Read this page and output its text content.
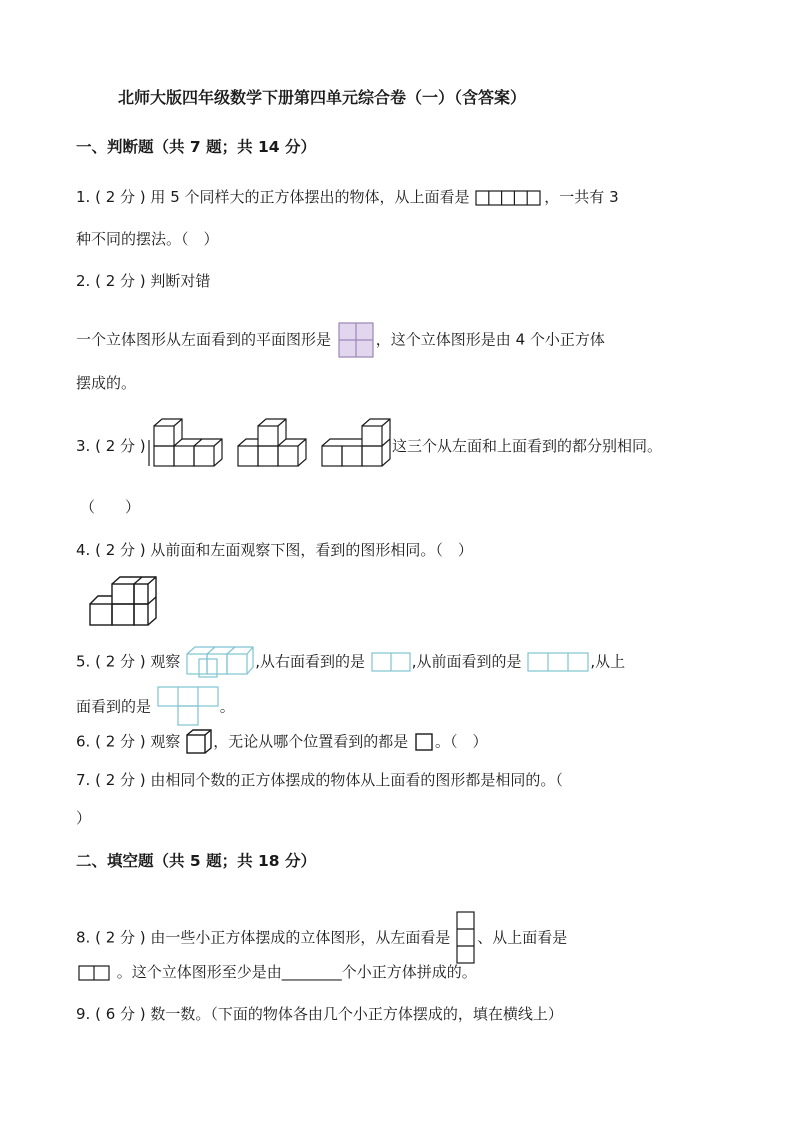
北师大版四年级数学下册第四单元综合卷（一）（含答案）
一、判断题（共 7 题；共 14 分）
1. ( 2 分 ) 用 5 个同样大的正方体摆出的物体，从上面看是	，一共有 3
种不同的摆法。（　）
2. ( 2 分 ) 判断对错
一个立体图形从左面看到的平面图形是	，这个立体图形是由 4 个小正方体
摆成的。
3. ( 2 分 )	这三个从左面和上面看到的都分别相同。
（　　）
4. ( 2 分 ) 从前面和左面观察下图，看到的图形相同。（　）
5. ( 2 分 ) 观察	,从右面看到的是	,从前面看到的是	,从上
面看到的是	。
6. ( 2 分 ) 观察 ，无论从哪个位置看到的都是 。（　）
7. ( 2 分 ) 由相同个数的正方体摆成的物体从上面看的图形都是相同的。（
）
二、填空题（共 5 题；共 18 分）
8. ( 2 分 ) 由一些小正方体摆成的立体图形，从左面看是 、从上面看是
。这个立体图形至少是由________个小正方体拼成的。
9. ( 6 分 ) 数一数。（下面的物体各由几个小正方体摆成的，填在横线上）
